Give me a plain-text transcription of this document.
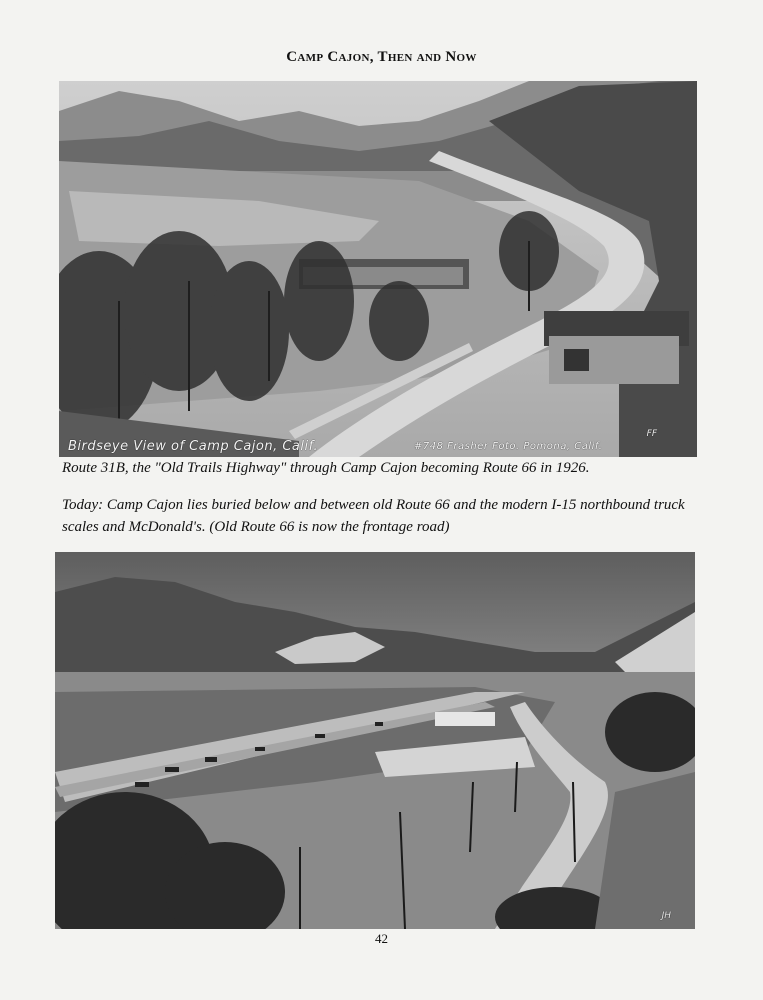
Camp Cajon, Then and Now
Birdseye View of Camp Cajon, Calif.	#748 Frasher Foto. Pomona, Calif.
FF
Route 31B, the "Old Trails Highway" through Camp Cajon becoming Route 66 in 1926.
Today: Camp Cajon lies buried below and between old Route 66 and the modern I-15 northbound truck scales and McDonald's. (Old Route 66 is now the frontage road)
JH
42
